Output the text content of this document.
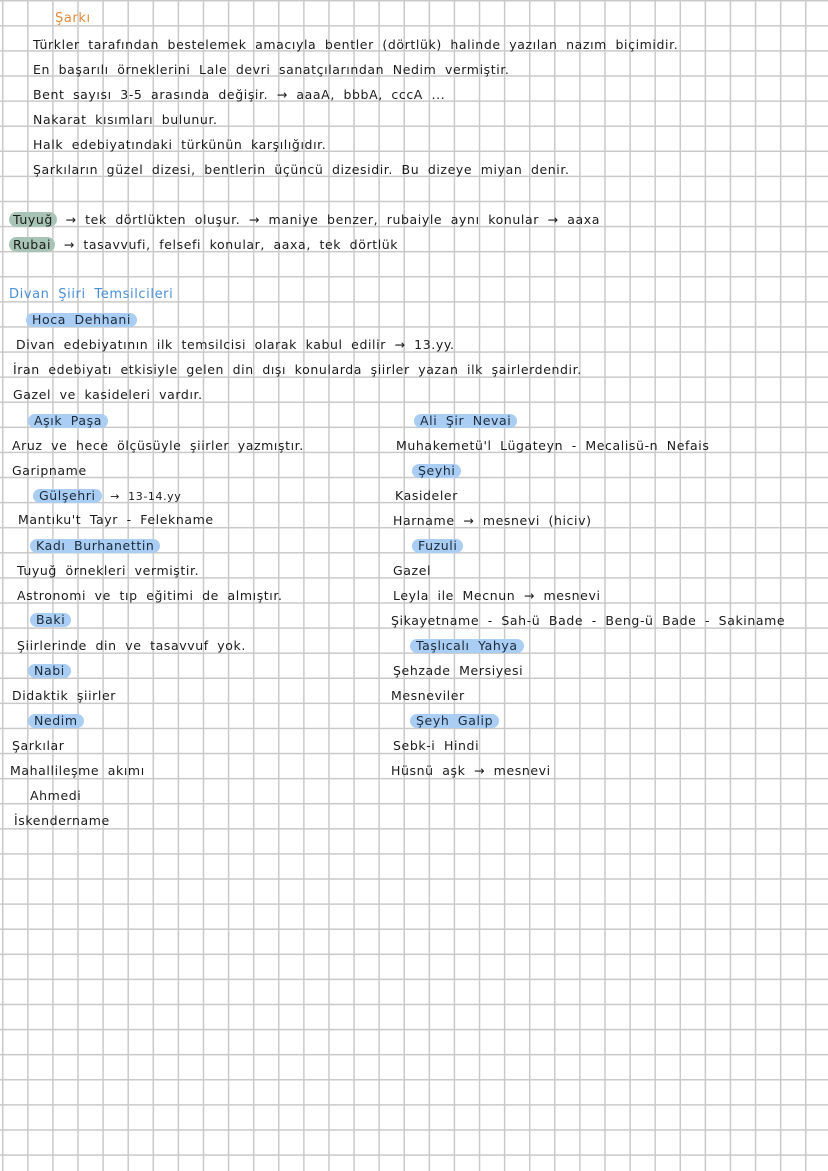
Şarkı
Türkler tarafından bestelemek amacıyla bentler (dörtlük) halinde yazılan nazım biçimidir.
En başarılı örneklerini Lale devri sanatçılarından Nedim vermiştir.
Bent sayısı 3-5 arasında değişir. → aaaA, bbbA, cccA ...
Nakarat kısımları bulunur.
Halk edebiyatındaki türkünün karşılığıdır.
Şarkıların güzel dizesi, bentlerin üçüncü dizesidir. Bu dizeye miyan denir.
Tuyuğ → tek dörtlükten oluşur. → maniye benzer, rubaiyle aynı konular → aaxa
Rubai → tasavvufi, felsefi konular, aaxa, tek dörtlük
Divan Şiiri Temsilcileri
Hoca Dehhani
Divan edebiyatının ilk temsilcisi olarak kabul edilir → 13.yy.
İran edebiyatı etkisiyle gelen din dışı konularda şiirler yazan ilk şairlerdendir.
Gazel ve kasideleri vardır.
Aşık Paşa
Aruz ve hece ölçüsüyle şiirler yazmıştır.
Garipname
Gülşehri → 13-14.yy
Mantıku't Tayr - Felekname
Kadı Burhanettin
Tuyuğ örnekleri vermiştir.
Astronomi ve tıp eğitimi de almıştır.
Baki
Şiirlerinde din ve tasavvuf yok.
Nabi
Didaktik şiirler
Nedim
Şarkılar
Mahallileşme akımı
Ahmedi
İskendername
Ali Şir Nevai
Muhakemetü'l Lügateyn - Mecalisü-n Nefais
Şeyhi
Kasideler
Harname → mesnevi (hiciv)
Fuzuli
Gazel
Leyla ile Mecnun → mesnevi
Şikayetname - Sah-ü Bade - Beng-ü Bade - Sakiname
Taşlıcalı Yahya
Şehzade Mersiyesi
Mesneviler
Şeyh Galip
Sebk-i Hindi
Hüsnü aşk → mesnevi
